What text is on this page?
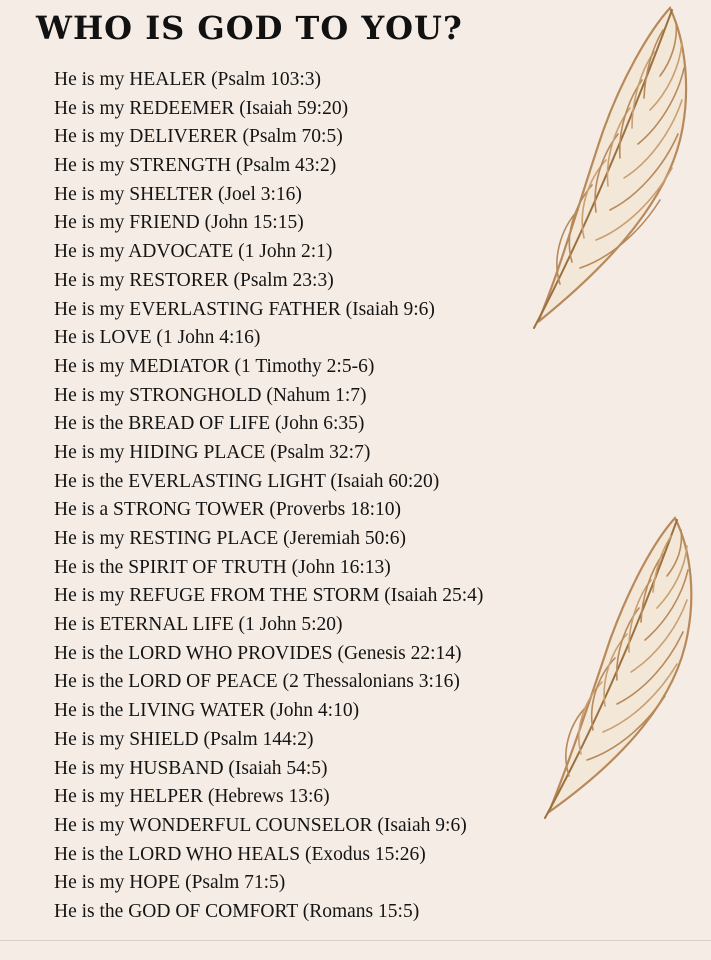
WHO IS GOD TO YOU?
He is my HEALER (Psalm 103:3)
He is my REDEEMER (Isaiah 59:20)
He is my DELIVERER (Psalm 70:5)
He is my STRENGTH (Psalm 43:2)
He is my SHELTER (Joel 3:16)
He is my FRIEND (John 15:15)
He is my ADVOCATE (1 John 2:1)
He is my RESTORER (Psalm 23:3)
He is my EVERLASTING FATHER (Isaiah 9:6)
He is LOVE (1 John 4:16)
He is my MEDIATOR (1 Timothy 2:5-6)
He is my STRONGHOLD (Nahum 1:7)
He is the BREAD OF LIFE (John 6:35)
He is my HIDING PLACE (Psalm 32:7)
He is the EVERLASTING LIGHT (Isaiah 60:20)
He is a STRONG TOWER (Proverbs 18:10)
He is my RESTING PLACE (Jeremiah 50:6)
He is the SPIRIT OF TRUTH (John 16:13)
He is my REFUGE FROM THE STORM (Isaiah 25:4)
He is ETERNAL LIFE (1 John 5:20)
He is the LORD WHO PROVIDES (Genesis 22:14)
He is the LORD OF PEACE (2 Thessalonians 3:16)
He is the LIVING WATER (John 4:10)
He is my SHIELD (Psalm 144:2)
He is my HUSBAND (Isaiah 54:5)
He is my HELPER (Hebrews 13:6)
He is my WONDERFUL COUNSELOR (Isaiah 9:6)
He is the LORD WHO HEALS (Exodus 15:26)
He is my HOPE (Psalm 71:5)
He is the GOD OF COMFORT (Romans 15:5)
